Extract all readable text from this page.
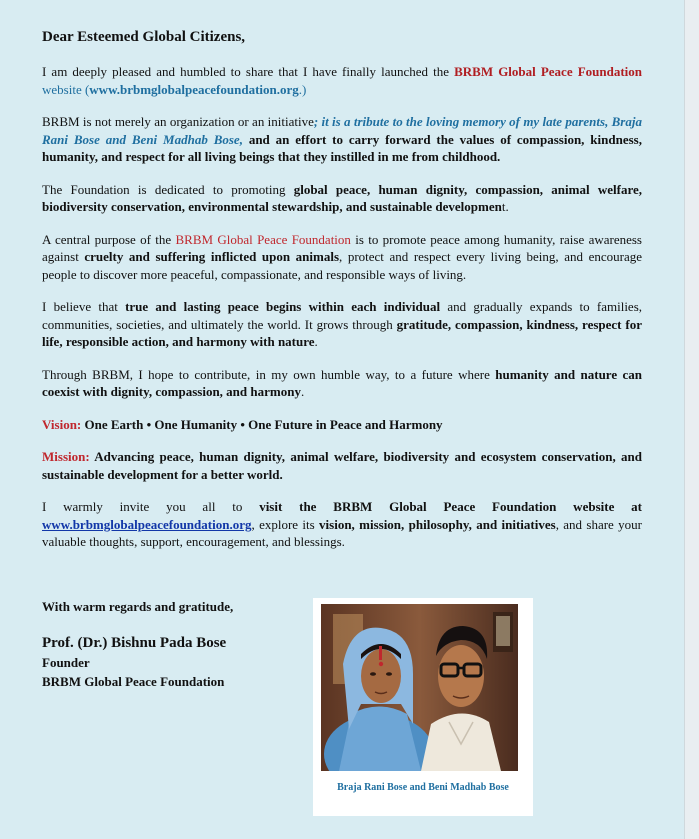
Dear Esteemed Global Citizens,

I am deeply pleased and humbled to share that I have finally launched the BRBM Global Peace Foundation website (www.brbmglobalpeacefoundation.org.)

BRBM is not merely an organization or an initiative; it is a tribute to the loving memory of my late parents, Braja Rani Bose and Beni Madhab Bose, and an effort to carry forward the values of compassion, kindness, humanity, and respect for all living beings that they instilled in me from childhood.

The Foundation is dedicated to promoting global peace, human dignity, compassion, animal welfare, biodiversity conservation, environmental stewardship, and sustainable development.

A central purpose of the BRBM Global Peace Foundation is to promote peace among humanity, raise awareness against cruelty and suffering inflicted upon animals, protect and respect every living being, and encourage people to discover more peaceful, compassionate, and responsible ways of living.

I believe that true and lasting peace begins within each individual and gradually expands to families, communities, societies, and ultimately the world. It grows through gratitude, compassion, kindness, respect for life, responsible action, and harmony with nature.

Through BRBM, I hope to contribute, in my own humble way, to a future where humanity and nature can coexist with dignity, compassion, and harmony.

Vision: One Earth • One Humanity • One Future in Peace and Harmony

Mission: Advancing peace, human dignity, animal welfare, biodiversity and ecosystem conservation, and sustainable development for a better world.

I warmly invite you all to visit the BRBM Global Peace Foundation website at www.brbmglobalpeacefoundation.org, explore its vision, mission, philosophy, and initiatives, and share your valuable thoughts, support, encouragement, and blessings.

With warm regards and gratitude,
Prof. (Dr.) Bishnu Pada Bose
Founder
BRBM Global Peace Foundation
Braja Rani Bose and Beni Madhab Bose
